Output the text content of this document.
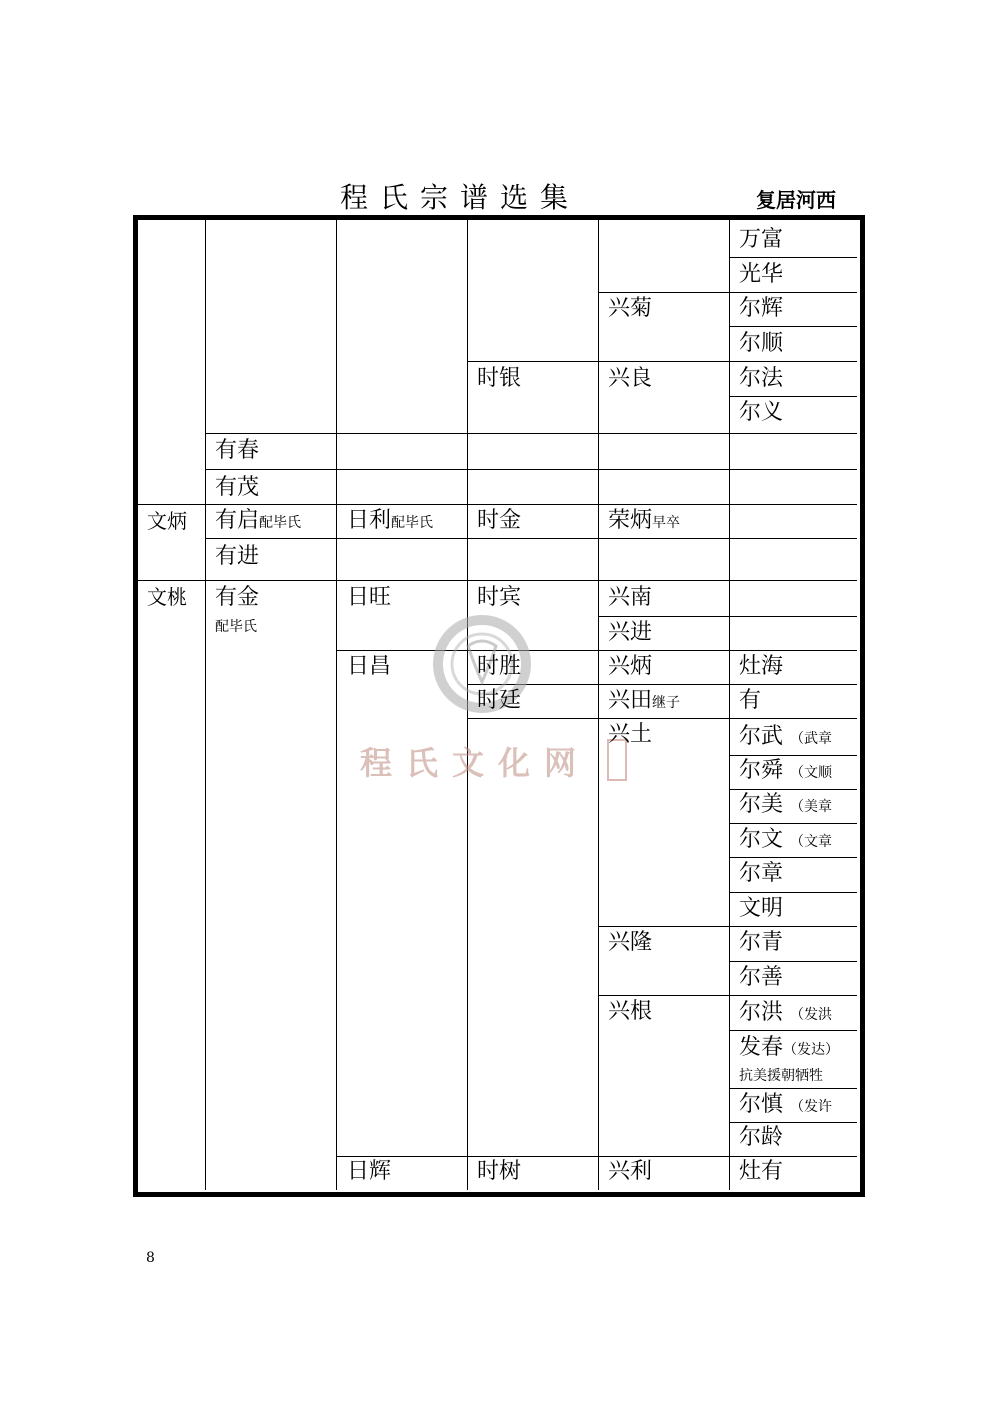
程氏宗谱选集	复居河西
程氏文化网
文炳
文桃
有春
有茂
有启配毕氏
有进
有金
配毕氏
日利配毕氏
日旺
日昌
日辉
时银
时金
时宾
时胜
时廷
时树
兴菊
兴良
荣炳早卒
兴南
兴进
兴炳
兴田继子
兴土
兴隆
兴根
兴利
万富
光华
尔辉
尔顺
尔法
尔义
灶海
有
尔武 （武章
尔舜 （文顺
尔美 （美章
尔文 （文章
尔章
文明
尔青
尔善
尔洪 （发洪
发春（发达）
抗美援朝牺牲
尔慎 （发许
尔龄
灶有
8
